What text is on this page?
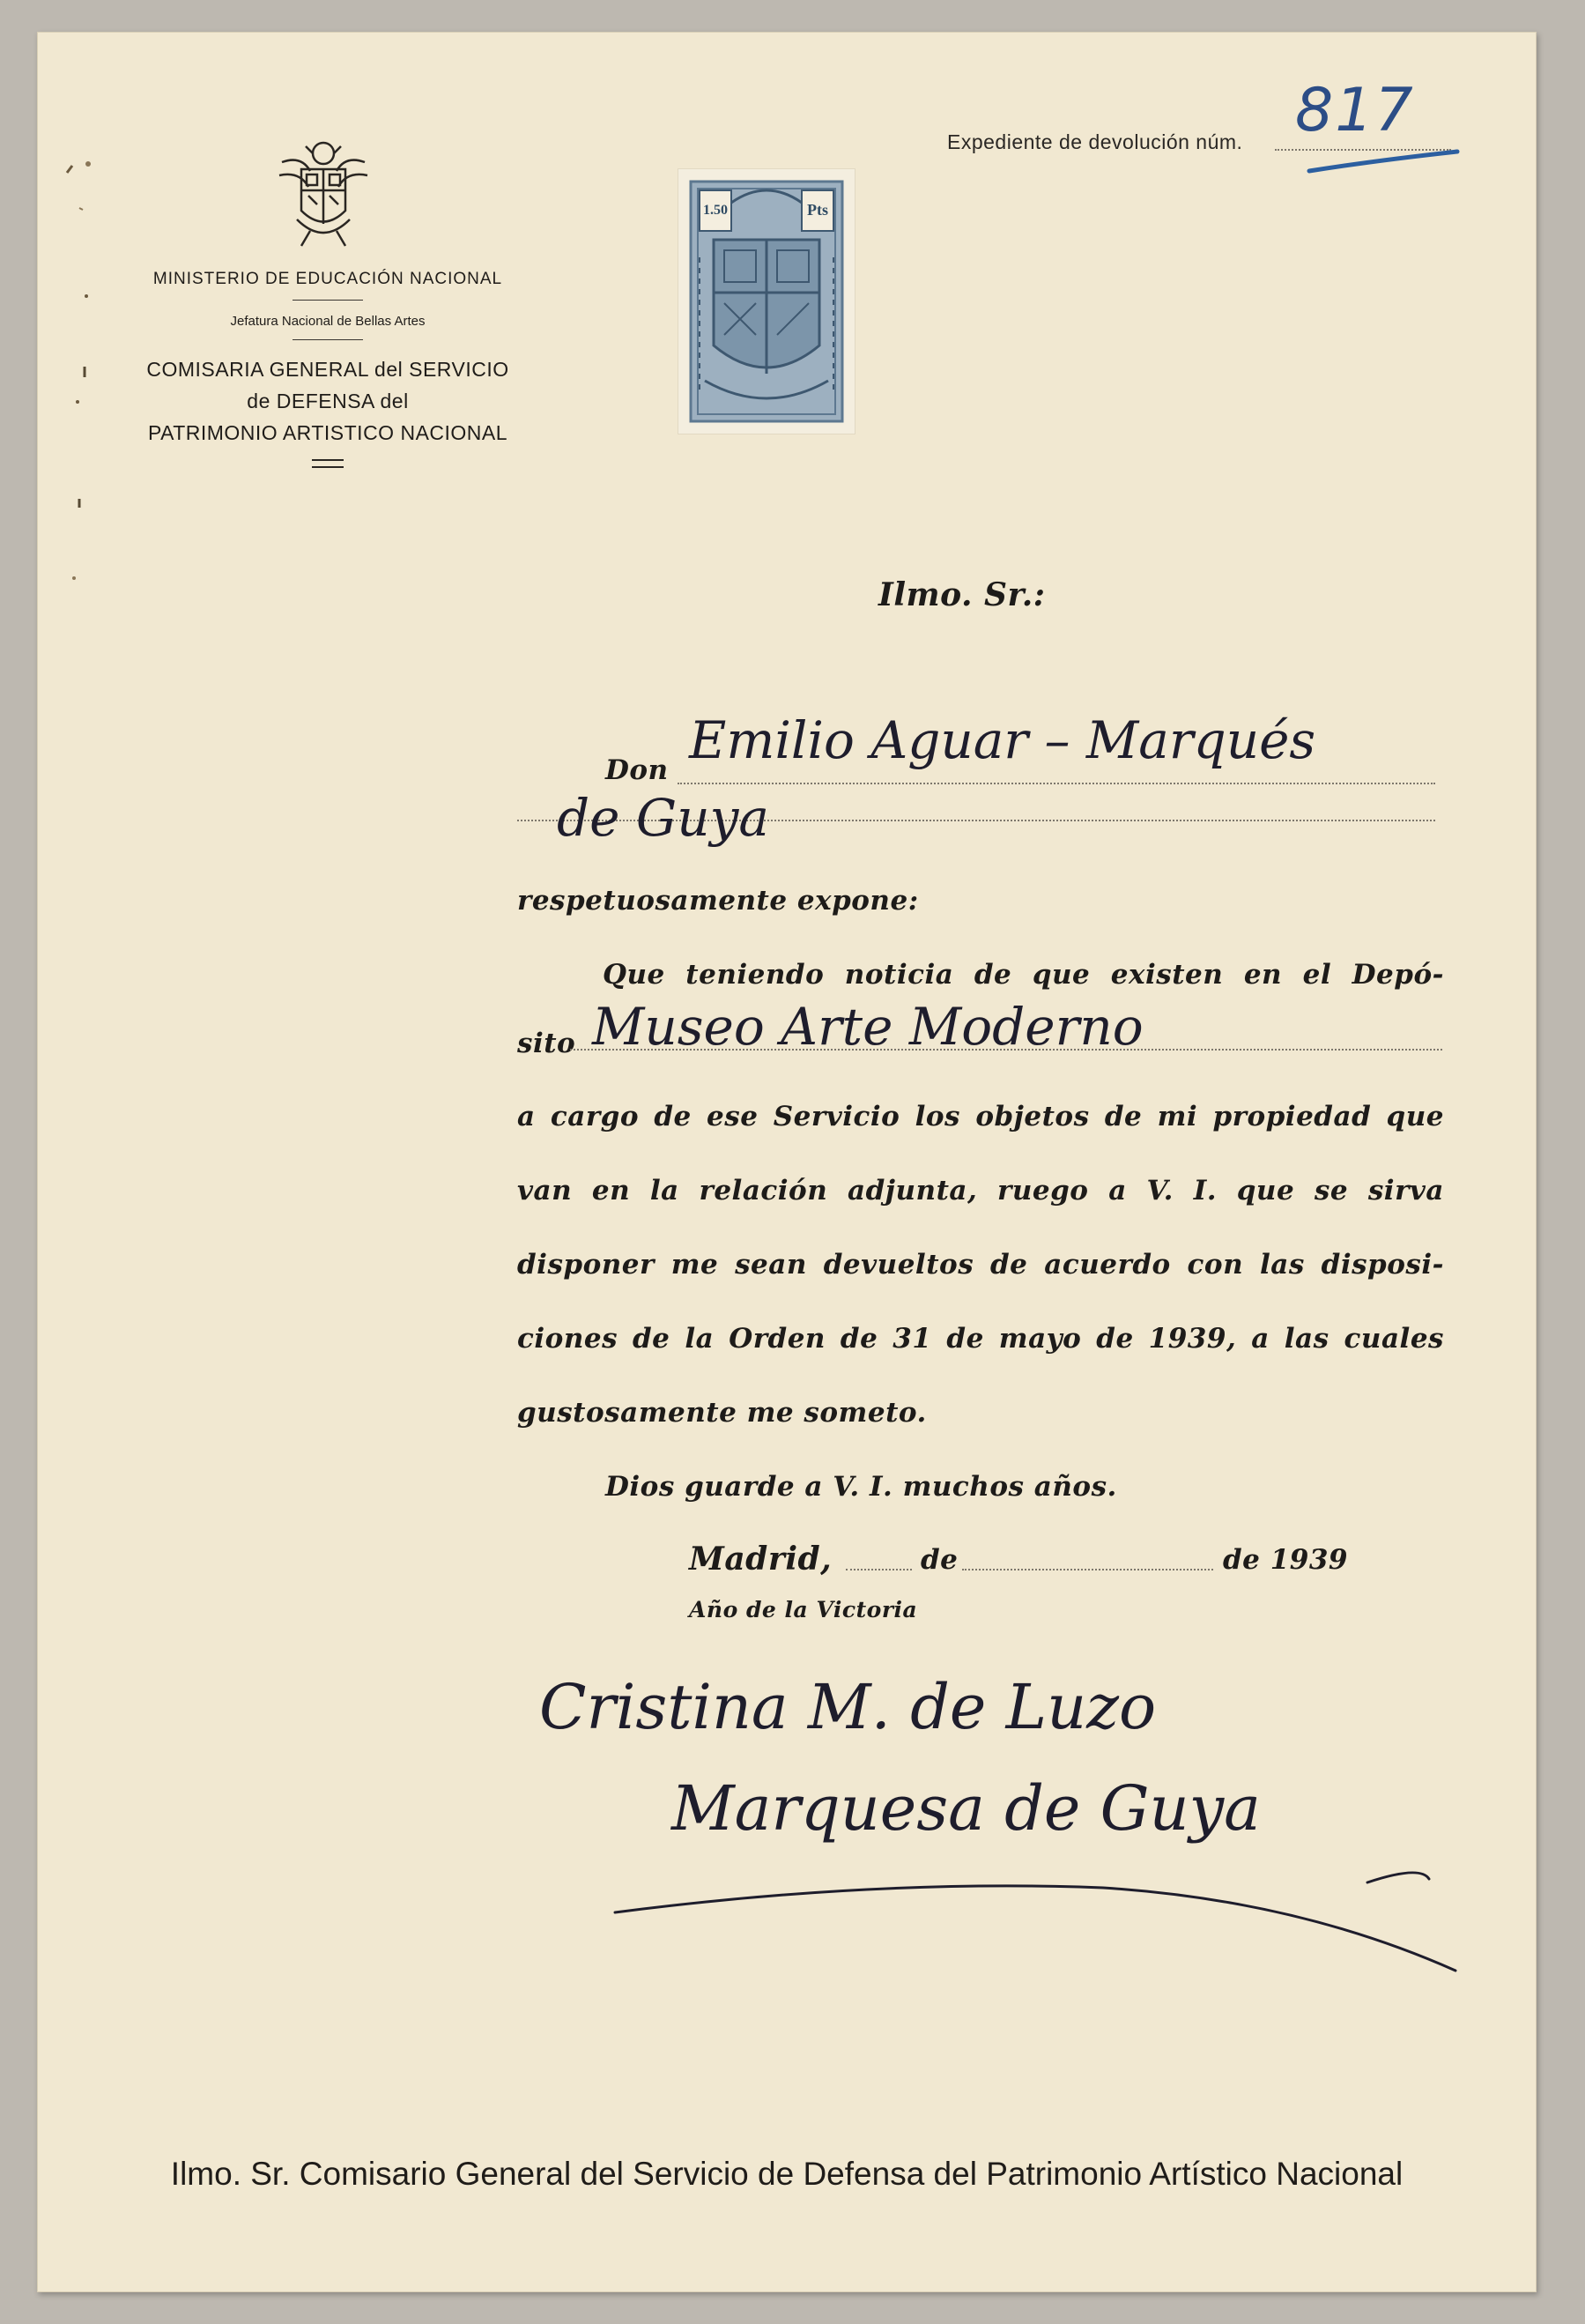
Expediente de devolución núm. 817
MINISTERIO DE EDUCACIÓN NACIONAL
Jefatura Nacional de Bellas Artes
COMISARIA GENERAL del SERVICIO
de DEFENSA del
PATRIMONIO ARTISTICO NACIONAL
1.50	Pts
Ilmo. Sr.:
Don Emilio Aguar – Marqués
de Guya
respetuosamente expone:
Que teniendo noticia de que existen en el Depó-
sito Museo Arte Moderno
a cargo de ese Servicio los objetos de mi propiedad que
van en la relación adjunta, ruego a V. I. que se sirva
disponer me sean devueltos de acuerdo con las disposi-
ciones de la Orden de 31 de mayo de 1939, a las cuales
gustosamente me someto.
Dios guarde a V. I. muchos años.
Madrid,	de	de 1939
Año de la Victoria
Cristina M. de Luzo
Marquesa de Guya
Ilmo. Sr. Comisario General del Servicio de Defensa del Patrimonio Artístico Nacional
